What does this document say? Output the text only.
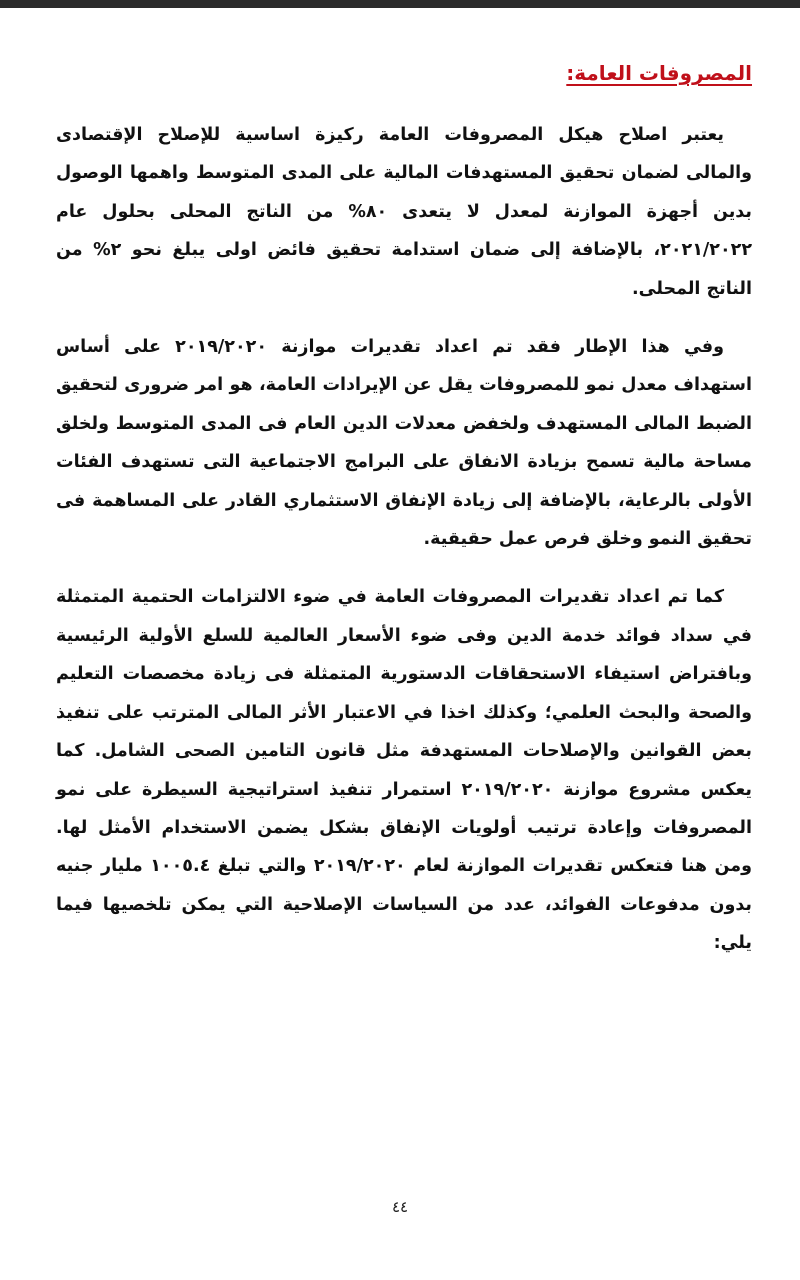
المصروفات العامة:

يعتبر اصلاح هيكل المصروفات العامة ركيزة اساسية للإصلاح الإقتصادى والمالى لضمان تحقيق المستهدفات المالية على المدى المتوسط واهمها الوصول بدين أجهزة الموازنة لمعدل لا يتعدى ٨٠% من الناتج المحلى بحلول عام ٢٠٢١/٢٠٢٢، بالإضافة إلى ضمان استدامة تحقيق فائض اولى يبلغ نحو ٢% من الناتج المحلى.

وفي هذا الإطار فقد تم اعداد تقديرات موازنة ٢٠١٩/٢٠٢٠ على أساس استهداف معدل نمو للمصروفات يقل عن الإيرادات العامة، هو امر ضرورى لتحقيق الضبط المالى المستهدف ولخفض معدلات الدين العام فى المدى المتوسط ولخلق مساحة مالية تسمح بزيادة الانفاق على البرامج الاجتماعية التى تستهدف الفئات الأولى بالرعاية، بالإضافة إلى زيادة الإنفاق الاستثماري القادر على المساهمة فى تحقيق النمو وخلق فرص عمل حقيقية.

كما تم اعداد تقديرات المصروفات العامة في ضوء الالتزامات الحتمية المتمثلة في سداد فوائد خدمة الدين وفى ضوء الأسعار العالمية للسلع الأولية الرئيسية وبافتراض استيفاء الاستحقاقات الدستورية المتمثلة فى زيادة مخصصات التعليم والصحة والبحث العلمي؛ وكذلك اخذا في الاعتبار الأثر المالى المترتب على تنفيذ بعض القوانين والإصلاحات المستهدفة مثل قانون التامين الصحى الشامل. كما يعكس مشروع موازنة ٢٠١٩/٢٠٢٠ استمرار تنفيذ استراتيجية السيطرة على نمو المصروفات وإعادة ترتيب أولويات الإنفاق بشكل يضمن الاستخدام الأمثل لها. ومن هنا فتعكس تقديرات الموازنة لعام ٢٠١٩/٢٠٢٠ والتي تبلغ ١٠٠٥.٤ مليار جنيه بدون مدفوعات الفوائد، عدد من السياسات الإصلاحية التي يمكن تلخصيها فيما يلي:

٤٤
